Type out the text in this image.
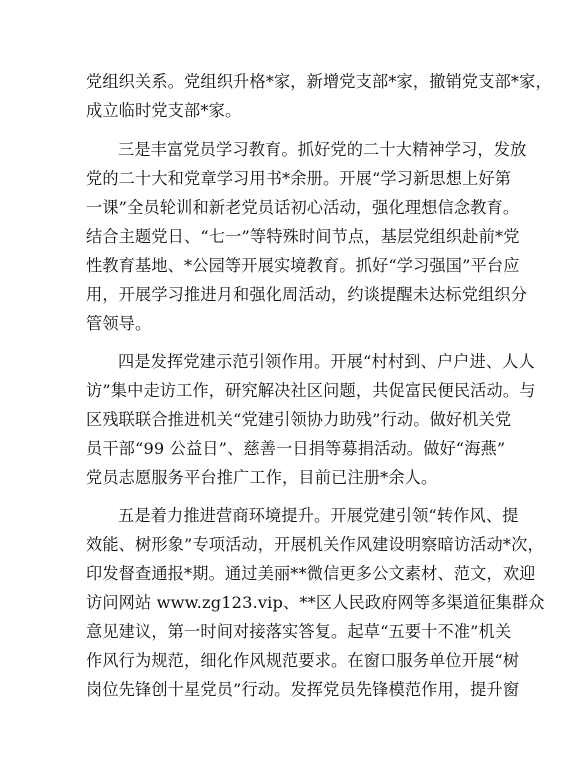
党组织关系。党组织升格*家，新增党支部*家，撤销党支部*家，
成立临时党支部*家。
三是丰富党员学习教育。抓好党的二十大精神学习，发放
党的二十大和党章学习用书*余册。开展“学习新思想上好第
一课”全员轮训和新老党员话初心活动，强化理想信念教育。
结合主题党日、“七一”等特殊时间节点，基层党组织赴前*党
性教育基地、*公园等开展实境教育。抓好“学习强国”平台应
用，开展学习推进月和强化周活动，约谈提醒未达标党组织分
管领导。
四是发挥党建示范引领作用。开展“村村到、户户进、人人
访”集中走访工作，研究解决社区问题，共促富民便民活动。与
区残联联合推进机关“党建引领协力助残”行动。做好机关党
员干部“99 公益日”、慈善一日捐等募捐活动。做好“海燕”
党员志愿服务平台推广工作，目前已注册*余人。
五是着力推进营商环境提升。开展党建引领“转作风、提
效能、树形象”专项活动，开展机关作风建设明察暗访活动*次，
印发督查通报*期。通过美丽**微信更多公文素材、范文，欢迎
访问网站 www.zg123.vip、**区人民政府网等多渠道征集群众
意见建议，第一时间对接落实答复。起草“五要十不准”机关
作风行为规范，细化作风规范要求。在窗口服务单位开展“树
岗位先锋创十星党员”行动。发挥党员先锋模范作用，提升窗
